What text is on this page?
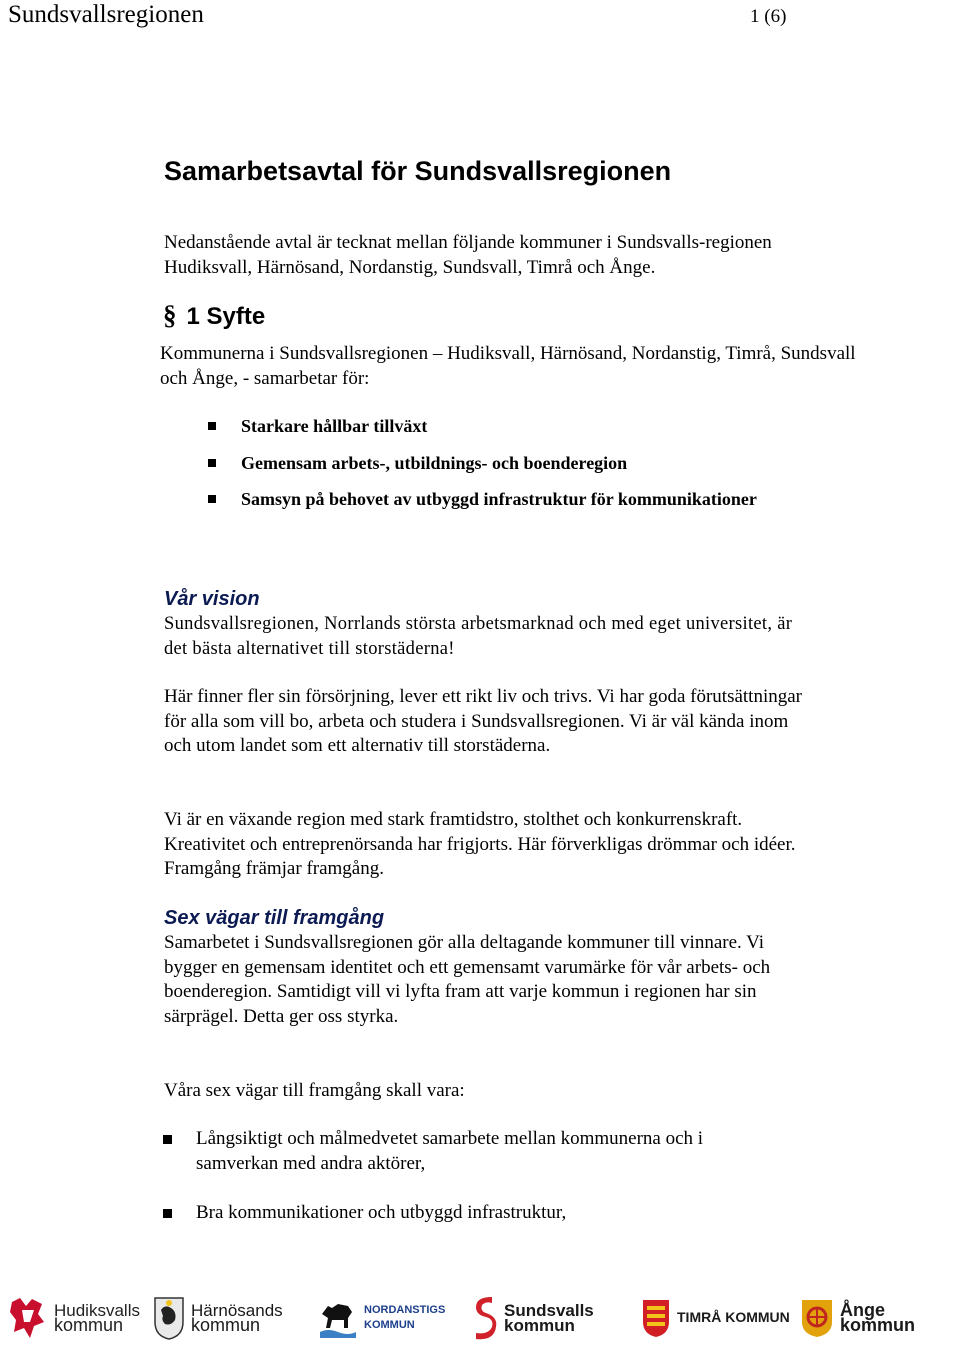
Sundsvallsregionen	1 (6)
Samarbetsavtal för Sundsvallsregionen

Nedanstående avtal är tecknat mellan följande kommuner i Sundsvalls-regionen Hudiksvall, Härnösand, Nordanstig, Sundsvall, Timrå och Ånge.

§ 1 Syfte

Kommunerna i Sundsvallsregionen – Hudiksvall, Härnösand, Nordanstig, Timrå, Sundsvall och Ånge, - samarbetar för:

Starkare hållbar tillväxt
Gemensam arbets-, utbildnings- och boenderegion
Samsyn på behovet av utbyggd infrastruktur för kommunikationer
Vår vision

Sundsvallsregionen, Norrlands största arbetsmarknad och med eget universitet, är det bästa alternativet till storstäderna!

Här finner fler sin försörjning, lever ett rikt liv och trivs. Vi har goda förutsättningar för alla som vill bo, arbeta och studera i Sundsvallsregionen. Vi är väl kända inom och utom landet som ett alternativ till storstäderna.

Vi är en växande region med stark framtidstro, stolthet och konkurrenskraft. Kreativitet och entreprenörsanda har frigjorts. Här förverkligas drömmar och idéer. Framgång främjar framgång.

Sex vägar till framgång

Samarbetet i Sundsvallsregionen gör alla deltagande kommuner till vinnare. Vi bygger en gemensam identitet och ett gemensamt varumärke för vår arbets- och boenderegion. Samtidigt vill vi lyfta fram att varje kommun i regionen har sin särprägel. Detta ger oss styrka.

Våra sex vägar till framgång skall vara:

Långsiktigt och målmedvetet samarbete mellan kommunerna och i samverkan med andra aktörer,
Bra kommunikationer och utbyggd infrastruktur,
Hudiksvalls
kommun
Härnösands
kommun
NORDANSTIGS
KOMMUN
Sundsvalls
kommun	TIMRÅ KOMMUN	Ånge kommun
